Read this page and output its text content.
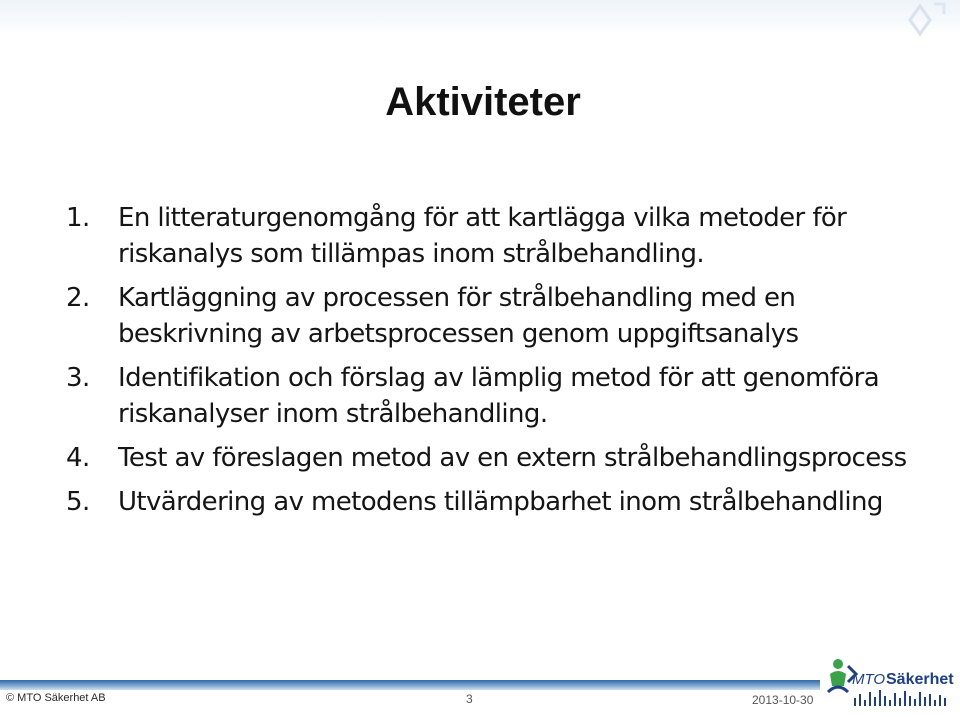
Aktiviteter
1.	En litteraturgenomgång för att kartlägga vilka metoder för riskanalys som tillämpas inom strålbehandling.
2.	Kartläggning av processen för strålbehandling med en beskrivning av arbetsprocessen genom uppgiftsanalys
3.	Identifikation och förslag av lämplig metod för att genomföra riskanalyser inom strålbehandling.
4.	Test av föreslagen metod av en extern strålbehandlingsprocess
5.	Utvärdering av metodens tillämpbarhet inom strålbehandling
© MTO Säkerhet AB	3	2013-10-30
MTO Säkerhet
